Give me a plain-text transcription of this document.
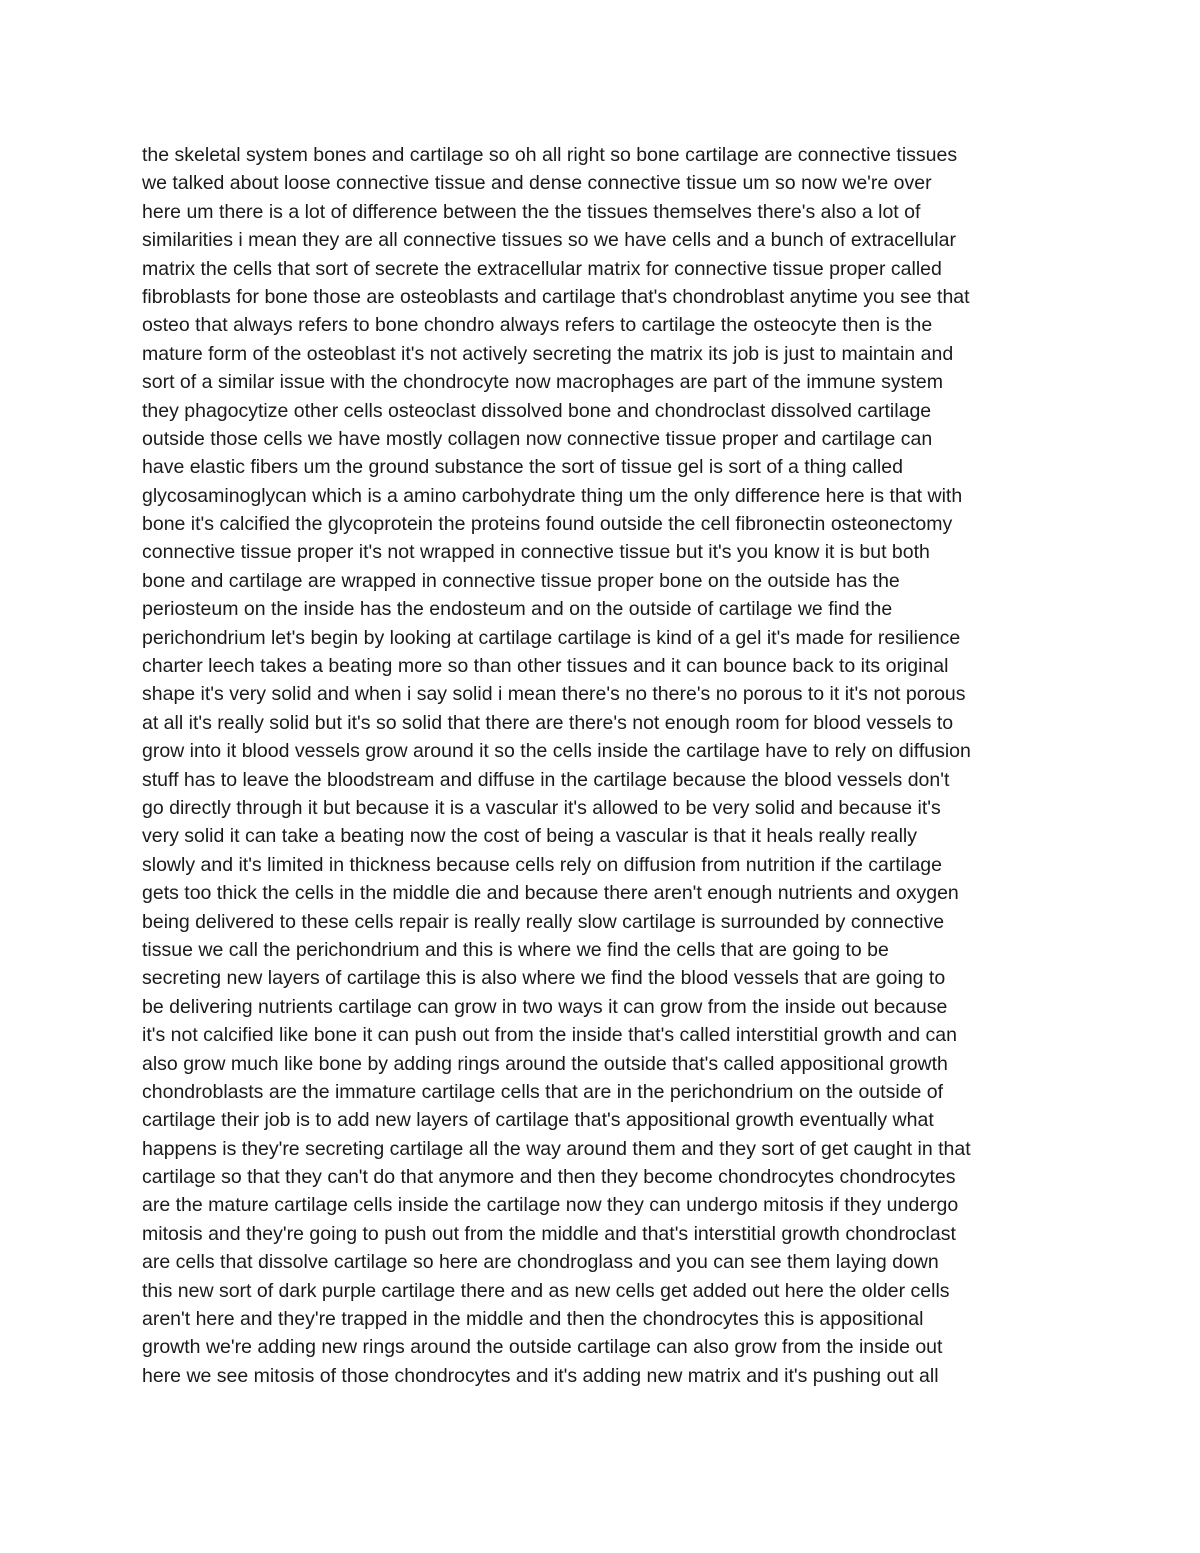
the skeletal system bones and cartilage so oh all right so bone cartilage are connective tissues
we talked about loose connective tissue and dense connective tissue um so now we're over
here um there is a lot of difference between the the tissues themselves there's also a lot of
similarities i mean they are all connective tissues so we have cells and a bunch of extracellular
matrix the cells that sort of secrete the extracellular matrix for connective tissue proper called
fibroblasts for bone those are osteoblasts and cartilage that's chondroblast anytime you see that
osteo that always refers to bone chondro always refers to cartilage the osteocyte then is the
mature form of the osteoblast it's not actively secreting the matrix its job is just to maintain and
sort of a similar issue with the chondrocyte now macrophages are part of the immune system
they phagocytize other cells osteoclast dissolved bone and chondroclast dissolved cartilage
outside those cells we have mostly collagen now connective tissue proper and cartilage can
have elastic fibers um the ground substance the sort of tissue gel is sort of a thing called
glycosaminoglycan which is a amino carbohydrate thing um the only difference here is that with
bone it's calcified the glycoprotein the proteins found outside the cell fibronectin osteonectomy
connective tissue proper it's not wrapped in connective tissue but it's you know it is but both
bone and cartilage are wrapped in connective tissue proper bone on the outside has the
periosteum on the inside has the endosteum and on the outside of cartilage we find the
perichondrium let's begin by looking at cartilage cartilage is kind of a gel it's made for resilience
charter leech takes a beating more so than other tissues and it can bounce back to its original
shape it's very solid and when i say solid i mean there's no there's no porous to it it's not porous
at all it's really solid but it's so solid that there are there's not enough room for blood vessels to
grow into it blood vessels grow around it so the cells inside the cartilage have to rely on diffusion
stuff has to leave the bloodstream and diffuse in the cartilage because the blood vessels don't
go directly through it but because it is a vascular it's allowed to be very solid and because it's
very solid it can take a beating now the cost of being a vascular is that it heals really really
slowly and it's limited in thickness because cells rely on diffusion from nutrition if the cartilage
gets too thick the cells in the middle die and because there aren't enough nutrients and oxygen
being delivered to these cells repair is really really slow cartilage is surrounded by connective
tissue we call the perichondrium and this is where we find the cells that are going to be
secreting new layers of cartilage this is also where we find the blood vessels that are going to
be delivering nutrients cartilage can grow in two ways it can grow from the inside out because
it's not calcified like bone it can push out from the inside that's called interstitial growth and can
also grow much like bone by adding rings around the outside that's called appositional growth
chondroblasts are the immature cartilage cells that are in the perichondrium on the outside of
cartilage their job is to add new layers of cartilage that's appositional growth eventually what
happens is they're secreting cartilage all the way around them and they sort of get caught in that
cartilage so that they can't do that anymore and then they become chondrocytes chondrocytes
are the mature cartilage cells inside the cartilage now they can undergo mitosis if they undergo
mitosis and they're going to push out from the middle and that's interstitial growth chondroclast
are cells that dissolve cartilage so here are chondroglass and you can see them laying down
this new sort of dark purple cartilage there and as new cells get added out here the older cells
aren't here and they're trapped in the middle and then the chondrocytes this is appositional
growth we're adding new rings around the outside cartilage can also grow from the inside out
here we see mitosis of those chondrocytes and it's adding new matrix and it's pushing out all
